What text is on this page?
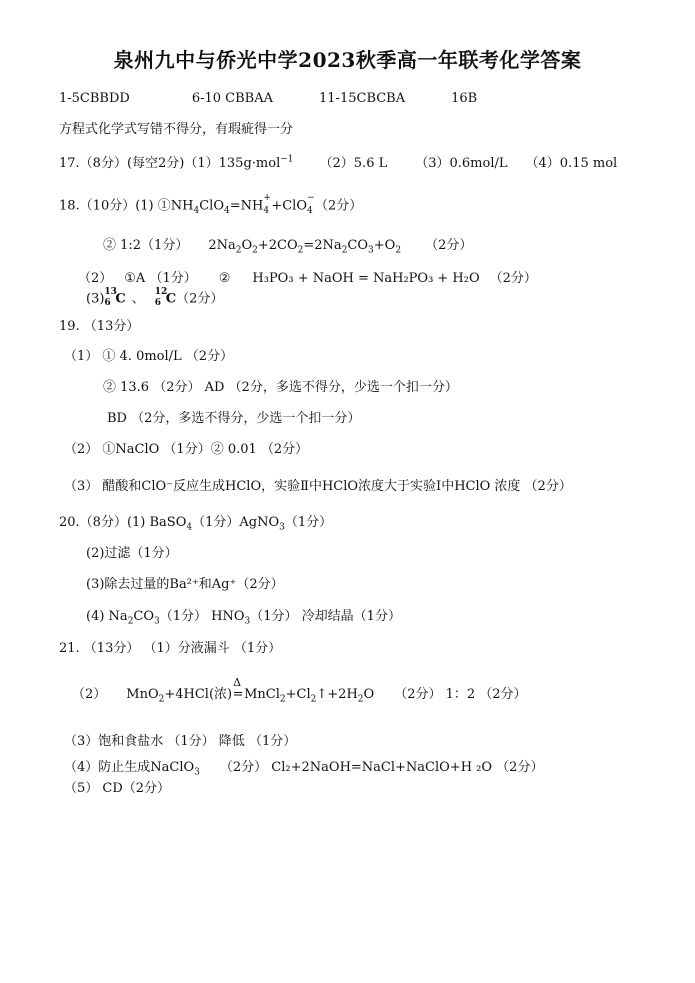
泉州九中与侨光中学2023秋季高一年联考化学答案
1-5CBBDD	6-10 CBBAA	11-15CBCBA	16B
方程式化学式写错不得分，有瑕疵得一分
17.（8分）(每空2分)（1）135g·mol$^{-1}$ （2）5.6 L （3）0.6mol/L （4）0.15 mol
18.（10分）(1) $①NH_4ClO_4=NH$
+
4 +ClO
−
4 （2分）
② 1:2（1分） $2Na_2O_2+2CO_2=2Na_2CO_3+O_2$ （2分）
（2） ①A （1分） ② H₃PO₃ + NaOH = NaH₂PO₃ + H₂O （2分）
(3) 13
6 C 、 12
6 C（2分）
19. （13分）
（1） ① 4. 0mol/L （2分）
② 13.6 （2分） AD （2分，多选不得分，少选一个扣一分）
BD （2分，多选不得分，少选一个扣一分）
（2） ①NaClO （1分）② 0.01 （2分）
（3） 醋酸和ClO⁻反应生成HClO，实验Ⅱ中HClO浓度大于实验Ⅰ中HClO 浓度 （2分）
20.（8分）(1) BaSO$_4$（1分）AgNO$_3$（1分）
(2)过滤（1分）
(3)除去过量的Ba²⁺和Ag⁺（2分）
(4) $Na_2CO_3(1$分） $HNO_3(1$分） 冷却结晶（1分）
21. （13分） （1）分液漏斗 （1分）
（2） MnO$_2$+4HCl(浓)
Δ
$=MnCl_2+Cl_2↑+2H_2O$ （2分） 1：2 （2分）
（3）饱和食盐水 （1分） 降低 （1分）
（4）防止生成NaClO$_3$ （2分） Cl₂+2NaOH=NaCl+NaClO+H ₂O （2分）
（5） CD（2分）
